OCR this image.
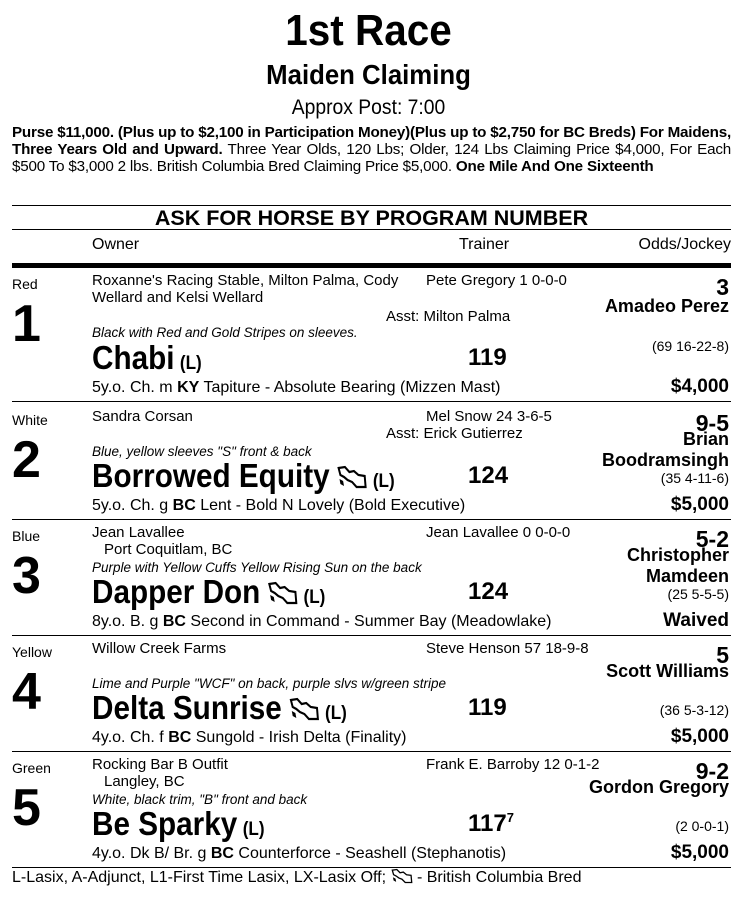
1st Race
Maiden Claiming
Approx Post: 7:00
Purse $11,000. (Plus up to $2,100 in Participation Money)(Plus up to $2,750 for BC Breds) For Maidens, Three Years Old and Upward. Three Year Olds, 120 Lbs; Older, 124 Lbs Claiming Price $4,000, For Each $500 To $3,000 2 lbs. British Columbia Bred Claiming Price $5,000. One Mile And One Sixteenth
ASK FOR HORSE BY PROGRAM NUMBER
Owner	Trainer	Odds/Jockey
Red
1
Roxanne's Racing Stable, Milton Palma, Cody Wellard and Kelsi Wellard
Pete Gregory 1 0-0-0
Asst: Milton Palma
Black with Red and Gold Stripes on sleeves.
Chabi (L)	119
5y.o. Ch. m KY Tapiture - Absolute Bearing (Mizzen Mast)
3
Amadeo Perez
(69 16-22-8)
$4,000
White
2
Sandra Corsan	Mel Snow 24 3-6-5
Asst: Erick Gutierrez
Blue, yellow sleeves "S" front & back
Borrowed Equity (L)	124
5y.o. Ch. g BC Lent - Bold N Lovely (Bold Executive)
9-5
Brian Boodramsingh
(35 4-11-6)
$5,000
Blue
3
Jean Lavallee
Port Coquitlam, BC
Jean Lavallee 0 0-0-0
Purple with Yellow Cuffs Yellow Rising Sun on the back
Dapper Don (L)	124
8y.o. B. g BC Second in Command - Summer Bay (Meadowlake)
5-2
Christopher Mamdeen
(25 5-5-5)
Waived
Yellow
4
Willow Creek Farms	Steve Henson 57 18-9-8
Lime and Purple "WCF" on back, purple slvs w/green stripe
Delta Sunrise (L)	119
4y.o. Ch. f BC Sungold - Irish Delta (Finality)
5
Scott Williams
(36 5-3-12)
$5,000
Green
5
Rocking Bar B Outfit
Langley, BC
Frank E. Barroby 12 0-1-2
White, black trim, "B" front and back
Be Sparky (L)	$117^7$
4y.o. Dk B/ Br. g BC Counterforce - Seashell (Stephanotis)
9-2
Gordon Gregory
(2 0-0-1)
$5,000
L-Lasix, A-Adjunct, L1-First Time Lasix, LX-Lasix Off;  - British Columbia Bred
